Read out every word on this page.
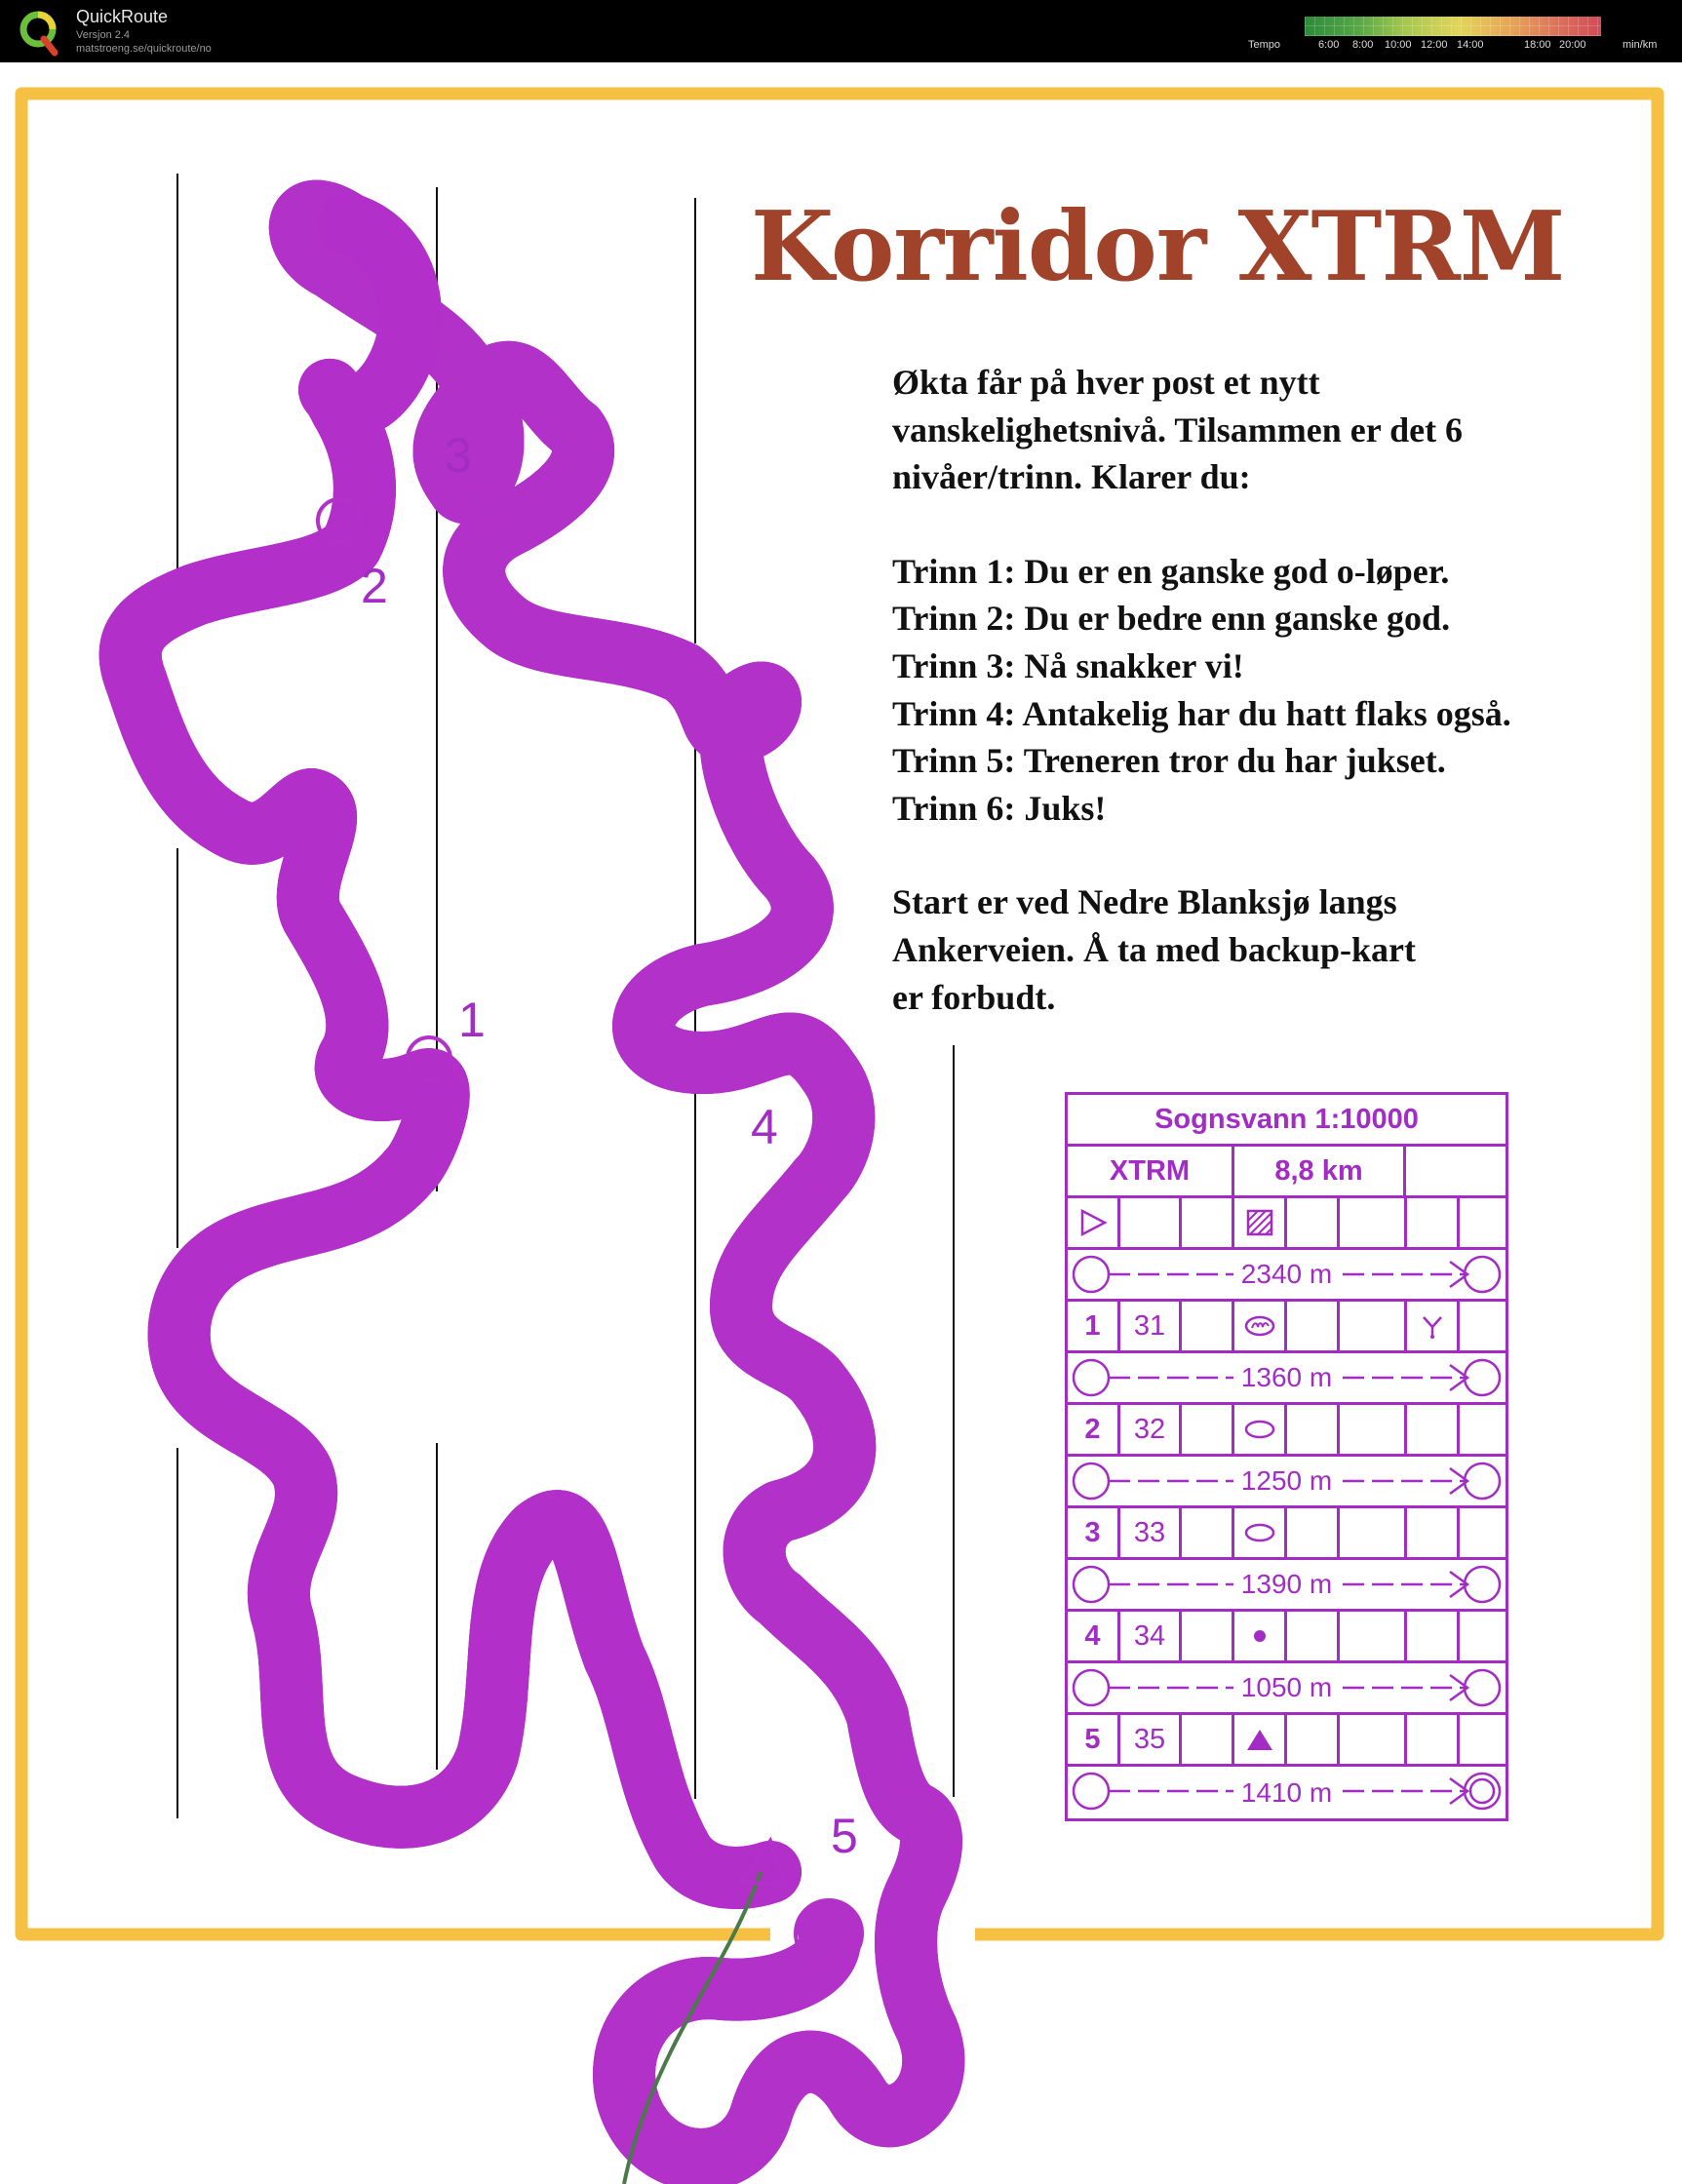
QuickRoute
Versjon 2.4
matstroeng.se/quickroute/no	Tempo	6:00 8:00 10:00 12:00 14:00	18:00 20:00	min/km
1
2
3
4
5
Korridor XTRM

Økta får på hver post et nytt

vanskelighetsnivå. Tilsammen er det 6

nivåer/trinn. Klarer du:

Trinn 1: Du er en ganske god o-løper.

Trinn 2: Du er bedre enn ganske god.

Trinn 3: Nå snakker vi!

Trinn 4: Antakelig har du hatt flaks også.

Trinn 5: Treneren tror du har jukset.

Trinn 6: Juks!

Start er ved Nedre Blanksjø langs

Ankerveien. Å ta med backup-kart

er forbudt.

Sognsvann 1:10000
XTRM	8,8 km
2340 m
1	31
1360 m
2	32
1250 m
3	33
1390 m
4	34
1050 m
5	35
1410 m
